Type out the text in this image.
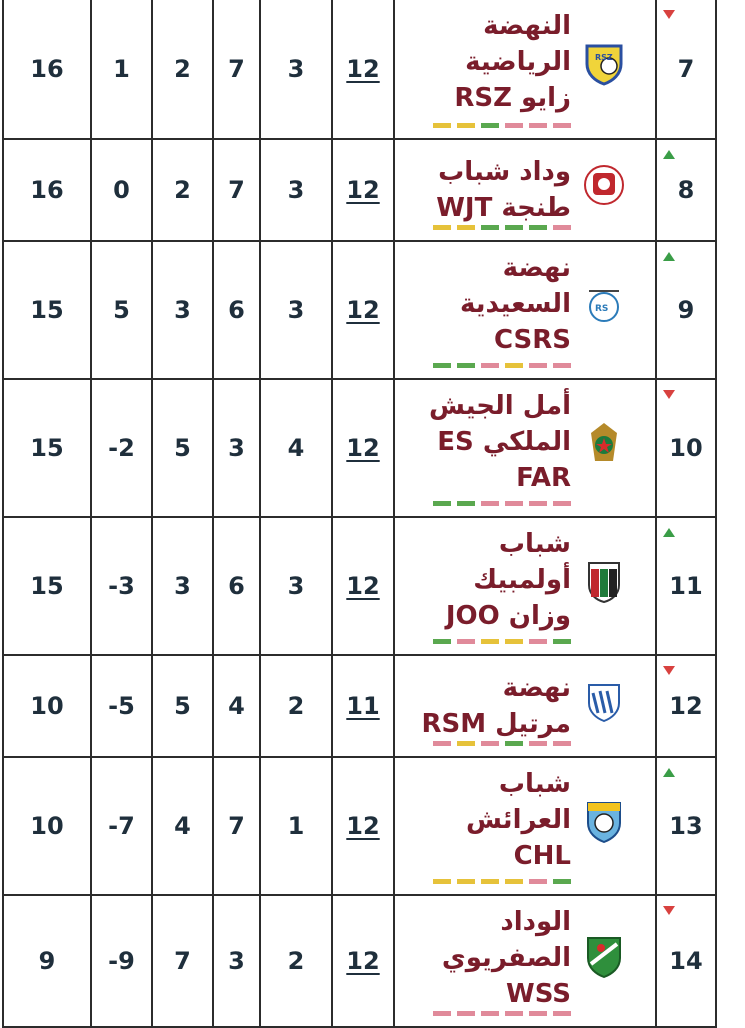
16	1	2	7	3	12	النهضة
الرياضية
زايو RSZ
RSZ	7
16	0	2	7	3	12	وداد شباب
طنجة WJT	8
15	5	3	6	3	12	نهضة
السعيدية
CSRS
RS	9
15	-2	5	3	4	12	أمل الجيش
الملكي ES
FAR	10
15	-3	3	6	3	12	شباب
أولمبيك
وزان JOO	11
10	-5	5	4	2	11	نهضة
مرتيل RSM	12
10	-7	4	7	1	12	شباب
العرائش
CHL	13
9	-9	7	3	2	12	الوداد
الصفريوي
WSS	14
